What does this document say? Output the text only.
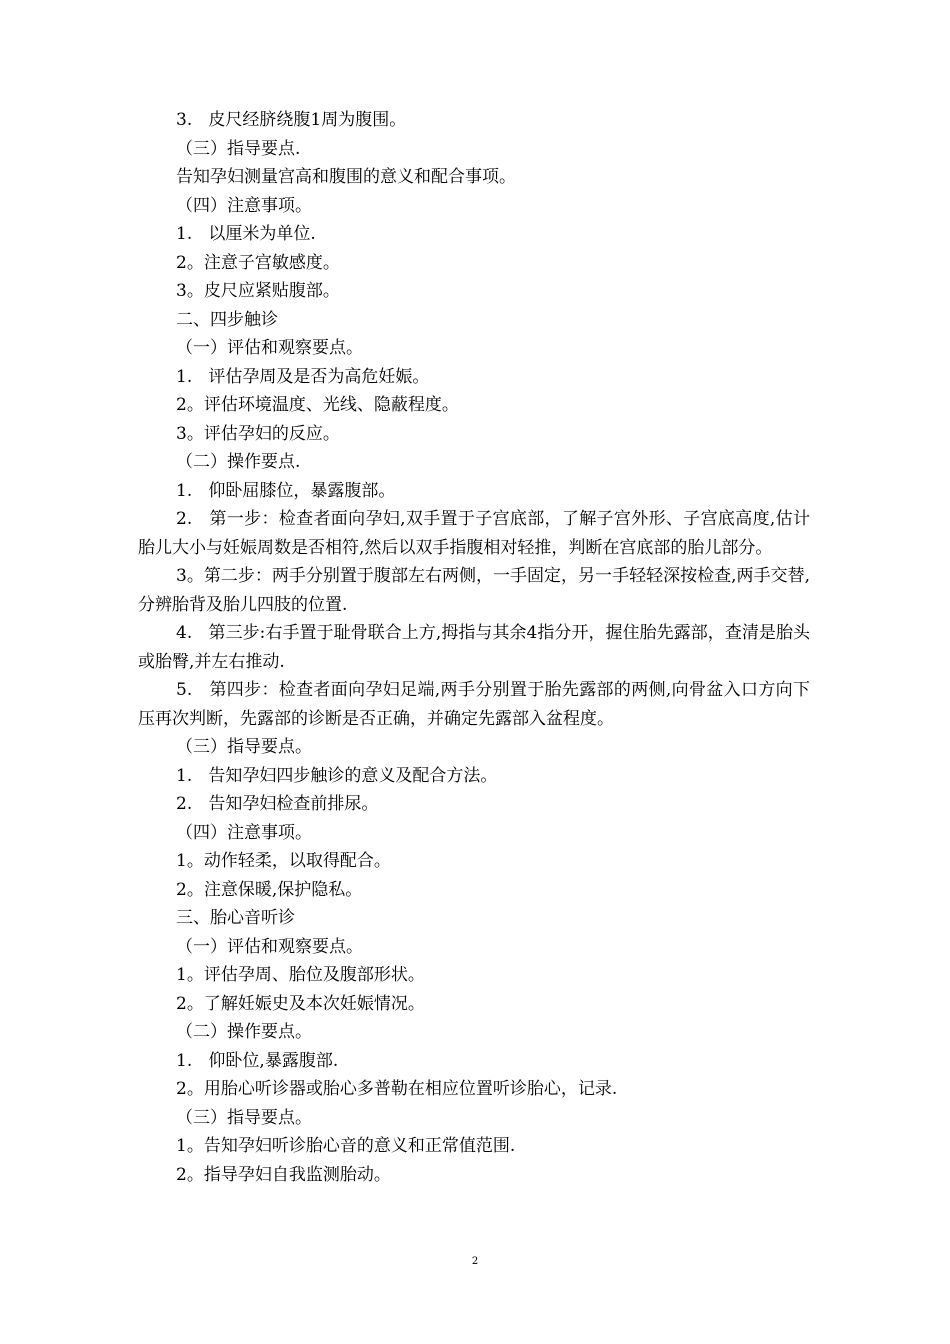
3.   皮尺经脐绕腹1周为腹围。

（三）指导要点.

告知孕妇测量宫高和腹围的意义和配合事项。

（四）注意事项。

1.   以厘米为单位.

2。注意子宫敏感度。

3。皮尺应紧贴腹部。

二、四步触诊

（一）评估和观察要点。

1.   评估孕周及是否为高危妊娠。

2。评估环境温度、光线、隐蔽程度。

3。评估孕妇的反应。

（二）操作要点.

1.   仰卧屈膝位，暴露腹部。

2.   第一步：检查者面向孕妇,双手置于子宫底部，了解子宫外形、子宫底高度,估计胎儿大小与妊娠周数是否相符,然后以双手指腹相对轻推，判断在宫底部的胎儿部分。

3。第二步：两手分别置于腹部左右两侧，一手固定，另一手轻轻深按检查,两手交替,分辨胎背及胎儿四肢的位置.

4.   第三步:右手置于耻骨联合上方,拇指与其余4指分开，握住胎先露部，查清是胎头或胎臀,并左右推动.

5.   第四步：检查者面向孕妇足端,两手分别置于胎先露部的两侧,向骨盆入口方向下压再次判断，先露部的诊断是否正确，并确定先露部入盆程度。

（三）指导要点。

1.   告知孕妇四步触诊的意义及配合方法。

2.   告知孕妇检查前排尿。

（四）注意事项。

1。动作轻柔，以取得配合。

2。注意保暖,保护隐私。

三、胎心音听诊

（一）评估和观察要点。

1。评估孕周、胎位及腹部形状。

2。了解妊娠史及本次妊娠情况。

（二）操作要点。

1.   仰卧位,暴露腹部.

2。用胎心听诊器或胎心多普勒在相应位置听诊胎心，记录.

（三）指导要点。

1。告知孕妇听诊胎心音的意义和正常值范围.

2。指导孕妇自我监测胎动。

2
